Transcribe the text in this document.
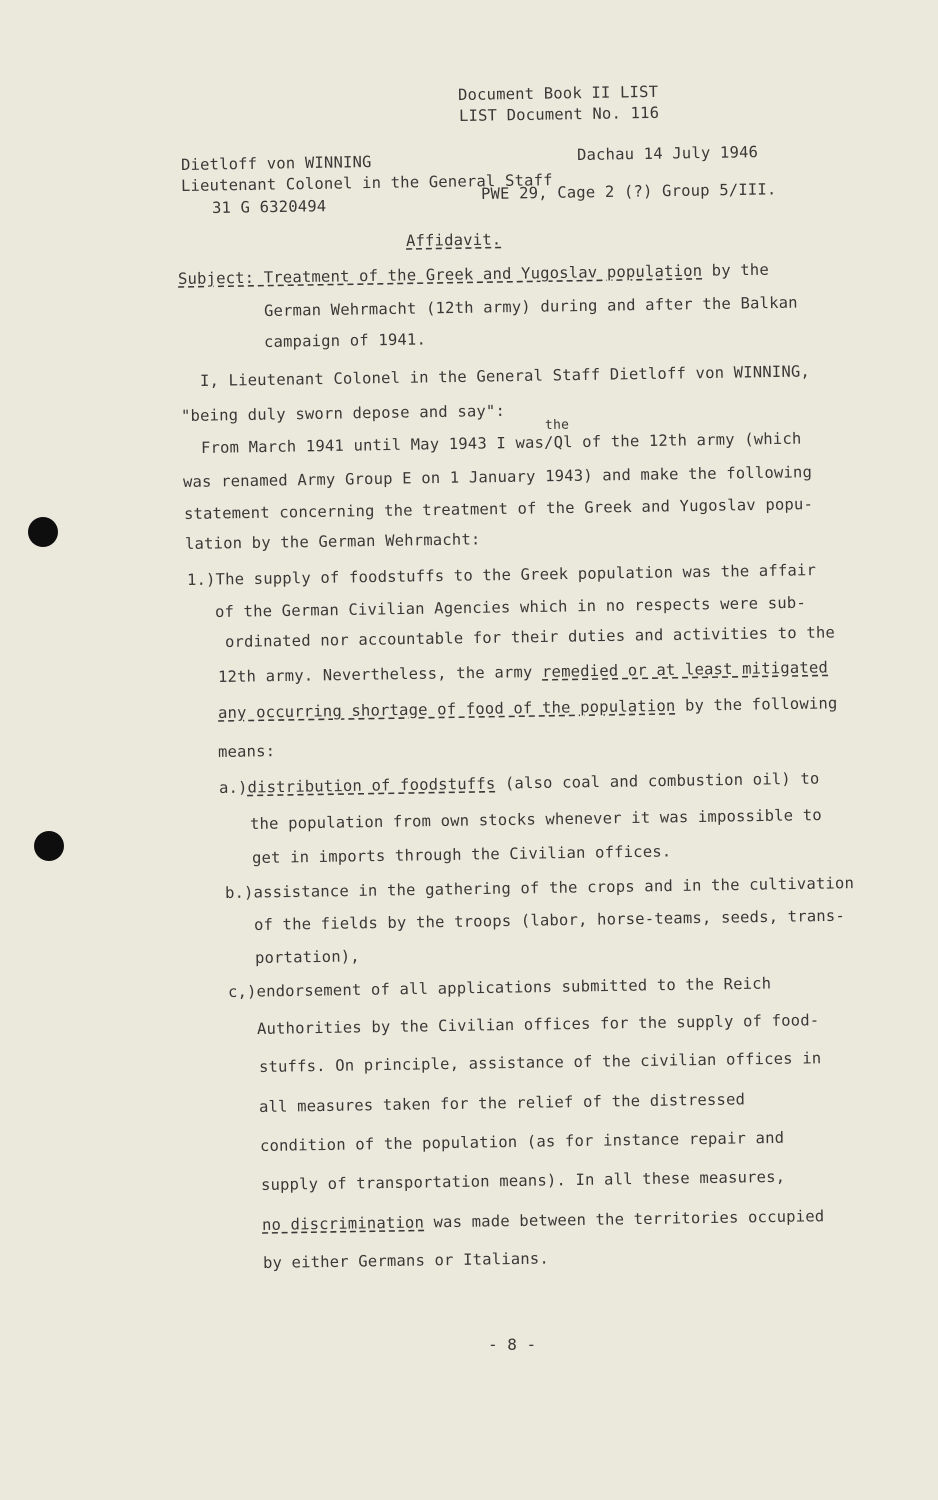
Document Book II LIST
LIST Document No. 116
Dietloff von WINNING	Dachau 14 July 1946
Lieutenant Colonel in the General Staff
PWE 29, Cage 2 (?) Group 5/III.
31 G 6320494
Affidavit.
Subject: Treatment of the Greek and Yugoslav population by the
German Wehrmacht (12th army) during and after the Balkan
campaign of 1941.
I, Lieutenant Colonel in the General Staff Dietloff von WINNING,
"being duly sworn depose and say":
the
From March 1941 until May 1943 I was/Ql of the 12th army (which
was renamed Army Group E on 1 January 1943) and make the following
statement concerning the treatment of the Greek and Yugoslav popu-
lation by the German Wehrmacht:
1.)The supply of foodstuffs to the Greek population was the affair
of the German Civilian Agencies which in no respects were sub-
ordinated nor accountable for their duties and activities to the
12th army. Nevertheless, the army remedied or at least mitigated
any occurring shortage of food of the population by the following
means:
a.)distribution of foodstuffs (also coal and combustion oil) to
the population from own stocks whenever it was impossible to
get in imports through the Civilian offices.
b.)assistance in the gathering of the crops and in the cultivation
of the fields by the troops (labor, horse-teams, seeds, trans-
portation),
c,)endorsement of all applications submitted to the Reich
Authorities by the Civilian offices for the supply of food-
stuffs. On principle, assistance of the civilian offices in
all measures taken for the relief of the distressed
condition of the population (as for instance repair and
supply of transportation means). In all these measures,
no discrimination was made between the territories occupied
by either Germans or Italians.
- 8 -
